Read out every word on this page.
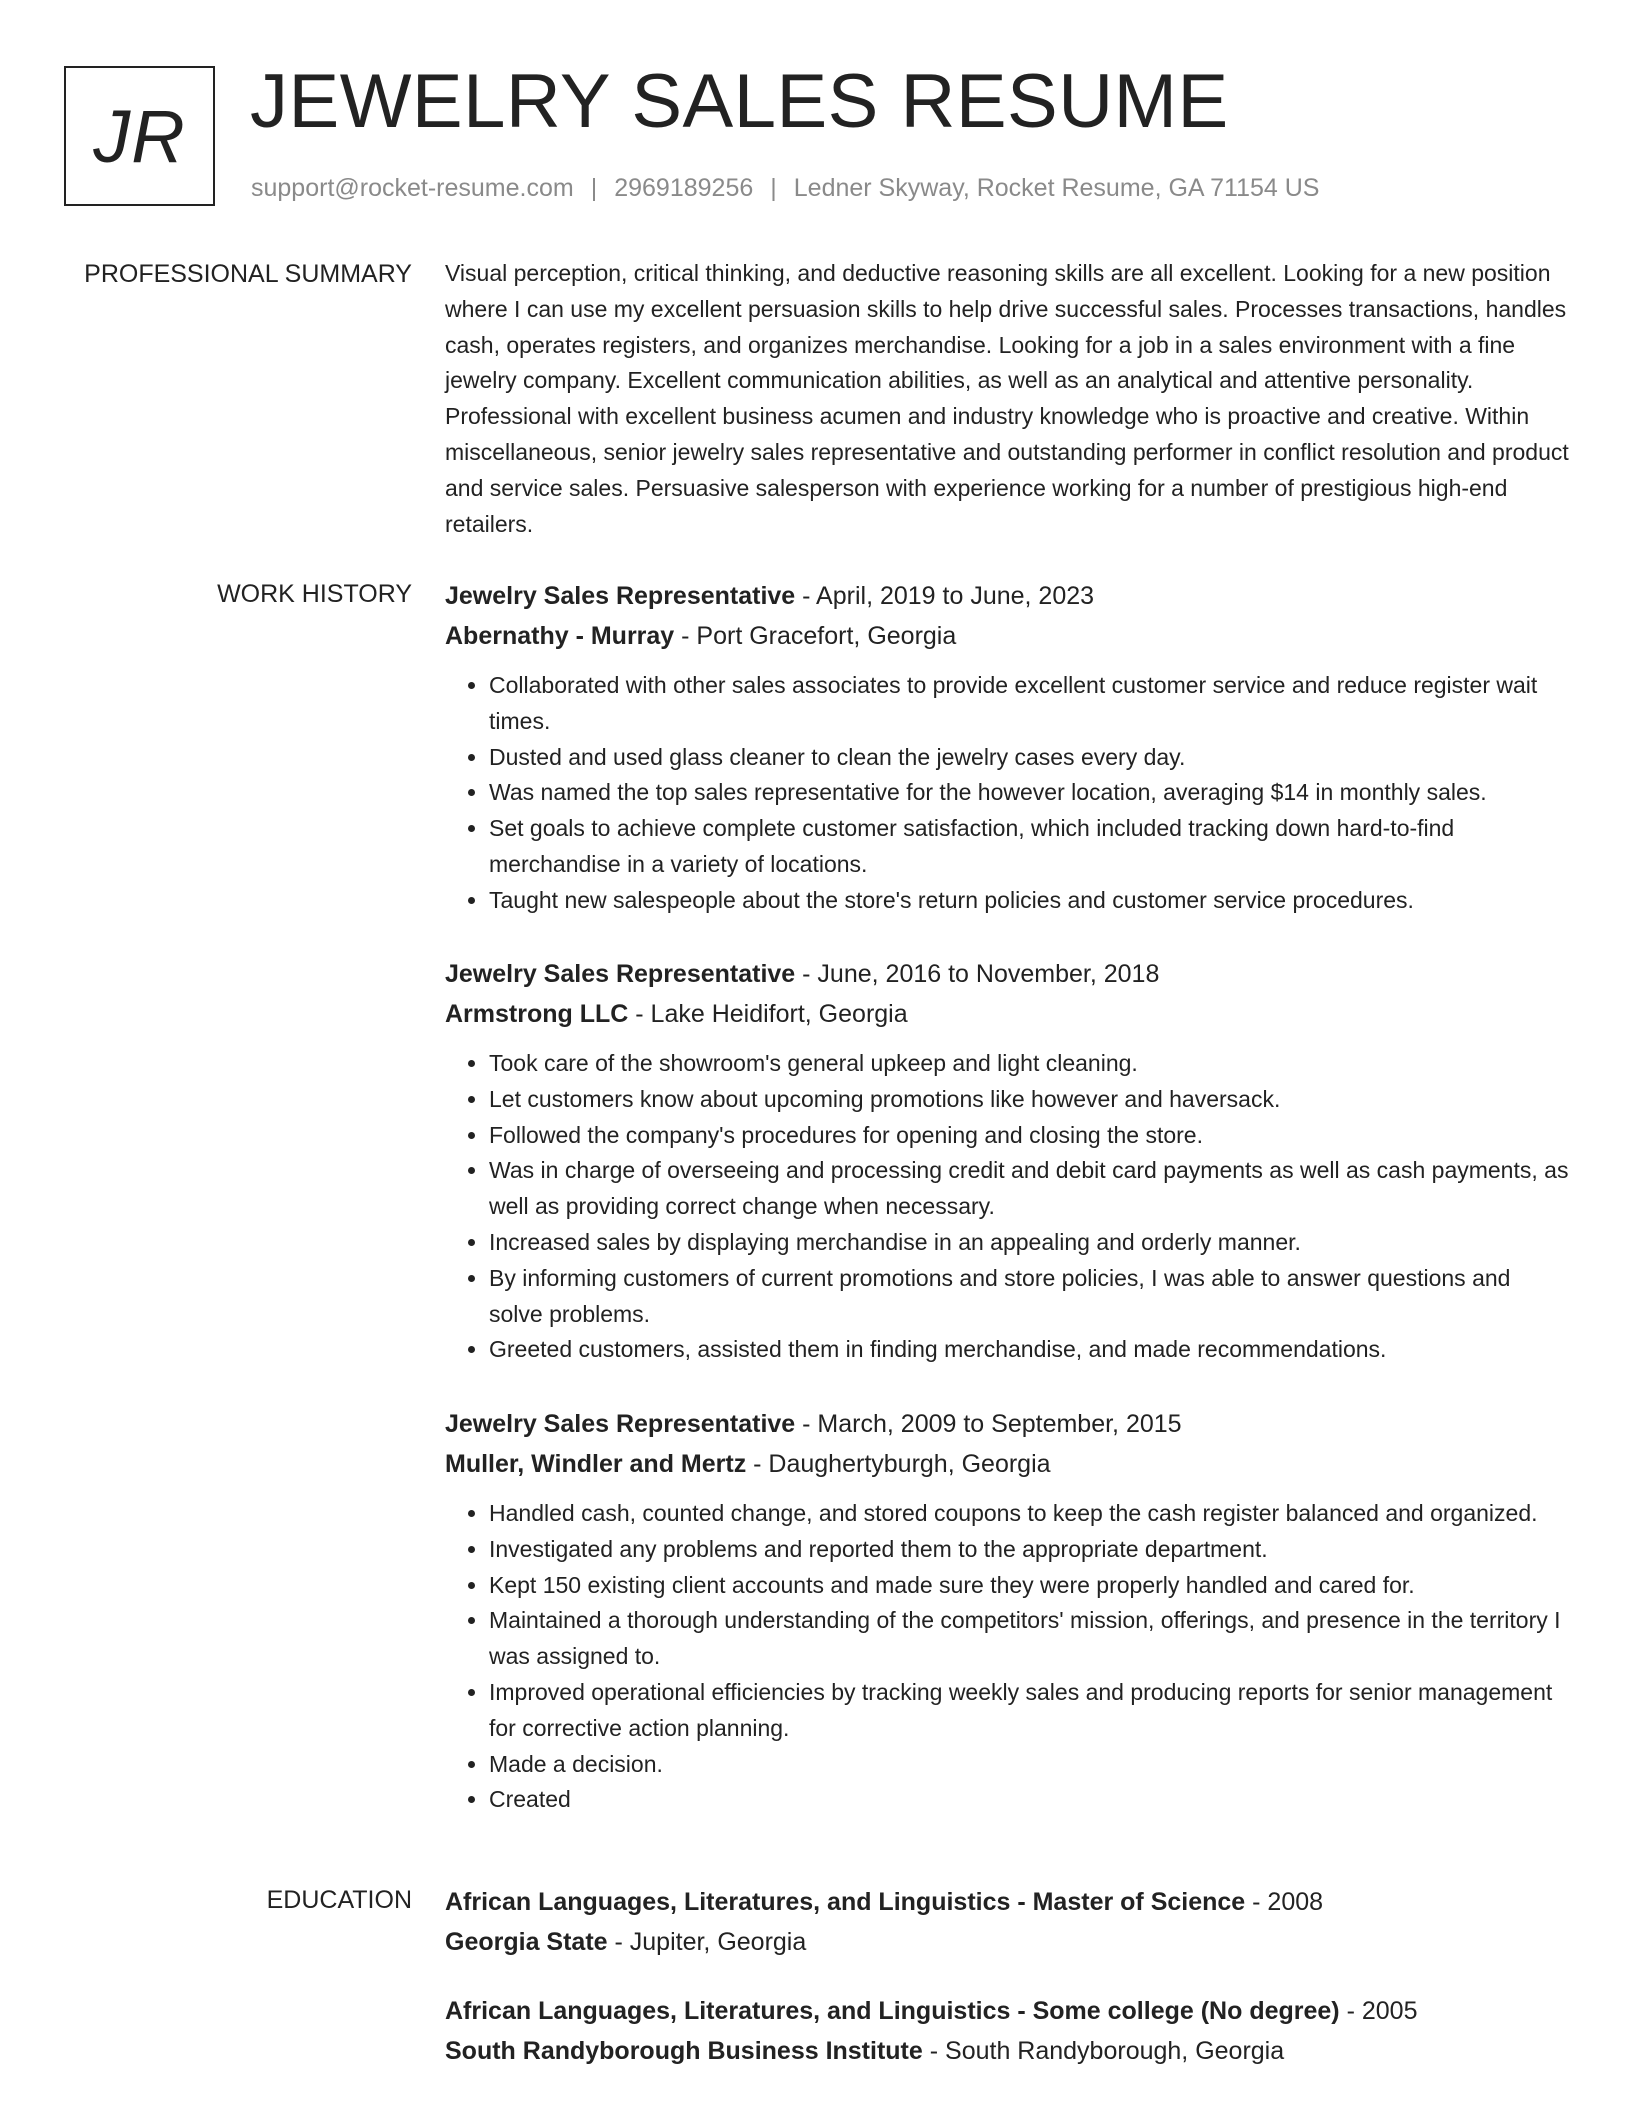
JR JEWELRY SALES RESUME
support@rocket-resume.com | 2969189256 | Ledner Skyway, Rocket Resume, GA 71154 US
PROFESSIONAL SUMMARY Visual perception, critical thinking, and deductive reasoning skills are all excellent. Looking for a new position where I can use my excellent persuasion skills to help drive successful sales. Processes transactions, handles cash, operates registers, and organizes merchandise. Looking for a job in a sales environment with a fine jewelry company. Excellent communication abilities, as well as an analytical and attentive personality. Professional with excellent business acumen and industry knowledge who is proactive and creative. Within miscellaneous, senior jewelry sales representative and outstanding performer in conflict resolution and product and service sales. Persuasive salesperson with experience working for a number of prestigious high-end retailers.

WORK HISTORY Jewelry Sales Representative - April, 2019 to June, 2023
Abernathy - Murray - Port Gracefort, Georgia
• Collaborated with other sales associates to provide excellent customer service and reduce register wait times.
• Dusted and used glass cleaner to clean the jewelry cases every day.
• Was named the top sales representative for the however location, averaging $14 in monthly sales.
• Set goals to achieve complete customer satisfaction, which included tracking down hard-to-find merchandise in a variety of locations.
• Taught new salespeople about the store's return policies and customer service procedures.
Jewelry Sales Representative - June, 2016 to November, 2018
Armstrong LLC - Lake Heidifort, Georgia
• Took care of the showroom's general upkeep and light cleaning.
• Let customers know about upcoming promotions like however and haversack.
• Followed the company's procedures for opening and closing the store.
• Was in charge of overseeing and processing credit and debit card payments as well as cash payments, as well as providing correct change when necessary.
• Increased sales by displaying merchandise in an appealing and orderly manner.
• By informing customers of current promotions and store policies, I was able to answer questions and solve problems.
• Greeted customers, assisted them in finding merchandise, and made recommendations.
Jewelry Sales Representative - March, 2009 to September, 2015
Muller, Windler and Mertz - Daughertyburgh, Georgia
• Handled cash, counted change, and stored coupons to keep the cash register balanced and organized.
• Investigated any problems and reported them to the appropriate department.
• Kept 150 existing client accounts and made sure they were properly handled and cared for.
• Maintained a thorough understanding of the competitors' mission, offerings, and presence in the territory I was assigned to.
• Improved operational efficiencies by tracking weekly sales and producing reports for senior management for corrective action planning.
• Made a decision.
• Created
EDUCATION African Languages, Literatures, and Linguistics - Master of Science - 2008
Georgia State - Jupiter, Georgia
African Languages, Literatures, and Linguistics - Some college (No degree) - 2005
South Randyborough Business Institute - South Randyborough, Georgia
